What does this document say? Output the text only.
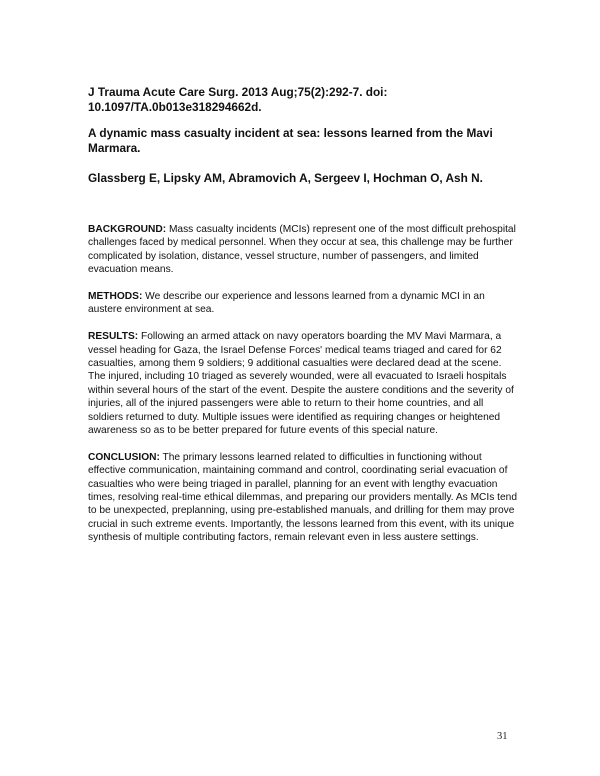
J Trauma Acute Care Surg. 2013 Aug;75(2):292-7. doi: 10.1097/TA.0b013e318294662d.
A dynamic mass casualty incident at sea: lessons learned from the Mavi Marmara.
Glassberg E, Lipsky AM, Abramovich A, Sergeev I, Hochman O, Ash N.

BACKGROUND: Mass casualty incidents (MCIs) represent one of the most difficult prehospital challenges faced by medical personnel. When they occur at sea, this challenge may be further complicated by isolation, distance, vessel structure, number of passengers, and limited evacuation means.

METHODS: We describe our experience and lessons learned from a dynamic MCI in an austere environment at sea.

RESULTS: Following an armed attack on navy operators boarding the MV Mavi Marmara, a vessel heading for Gaza, the Israel Defense Forces' medical teams triaged and cared for 62 casualties, among them 9 soldiers; 9 additional casualties were declared dead at the scene. The injured, including 10 triaged as severely wounded, were all evacuated to Israeli hospitals within several hours of the start of the event. Despite the austere conditions and the severity of injuries, all of the injured passengers were able to return to their home countries, and all soldiers returned to duty. Multiple issues were identified as requiring changes or heightened awareness so as to be better prepared for future events of this special nature.

CONCLUSION: The primary lessons learned related to difficulties in functioning without effective communication, maintaining command and control, coordinating serial evacuation of casualties who were being triaged in parallel, planning for an event with lengthy evacuation times, resolving real-time ethical dilemmas, and preparing our providers mentally. As MCIs tend to be unexpected, preplanning, using pre-established manuals, and drilling for them may prove crucial in such extreme events. Importantly, the lessons learned from this event, with its unique synthesis of multiple contributing factors, remain relevant even in less austere settings.

31
